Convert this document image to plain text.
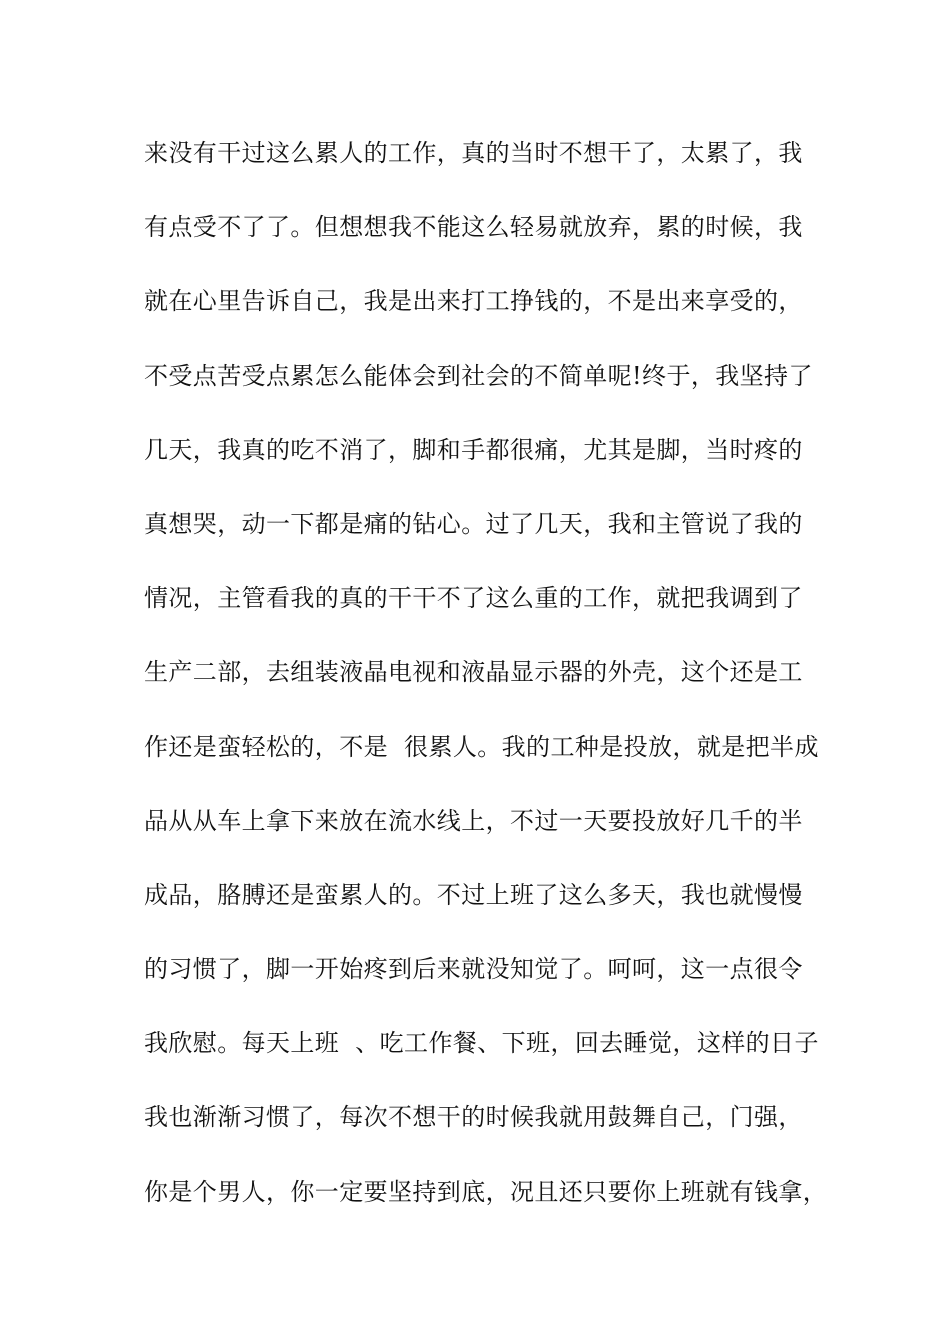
来没有干过这么累人的工作，真的当时不想干了，太累了，我
有点受不了了。但想想我不能这么轻易就放弃，累的时候，我
就在心里告诉自己，我是出来打工挣钱的，不是出来享受的，
不受点苦受点累怎么能体会到社会的不简单呢!终于，我坚持了
几天，我真的吃不消了，脚和手都很痛，尤其是脚，当时疼的
真想哭，动一下都是痛的钻心。过了几天，我和主管说了我的
情况，主管看我的真的干干不了这么重的工作，就把我调到了
生产二部，去组装液晶电视和液晶显示器的外壳，这个还是工
作还是蛮轻松的，不是  很累人。我的工种是投放，就是把半成
品从从车上拿下来放在流水线上，不过一天要投放好几千的半
成品，胳膊还是蛮累人的。不过上班了这么多天，我也就慢慢
的习惯了，脚一开始疼到后来就没知觉了。呵呵，这一点很令
我欣慰。每天上班  、吃工作餐、下班，回去睡觉，这样的日子
我也渐渐习惯了，每次不想干的时候我就用鼓舞自己，门强，
你是个男人，你一定要坚持到底，况且还只要你上班就有钱拿，
